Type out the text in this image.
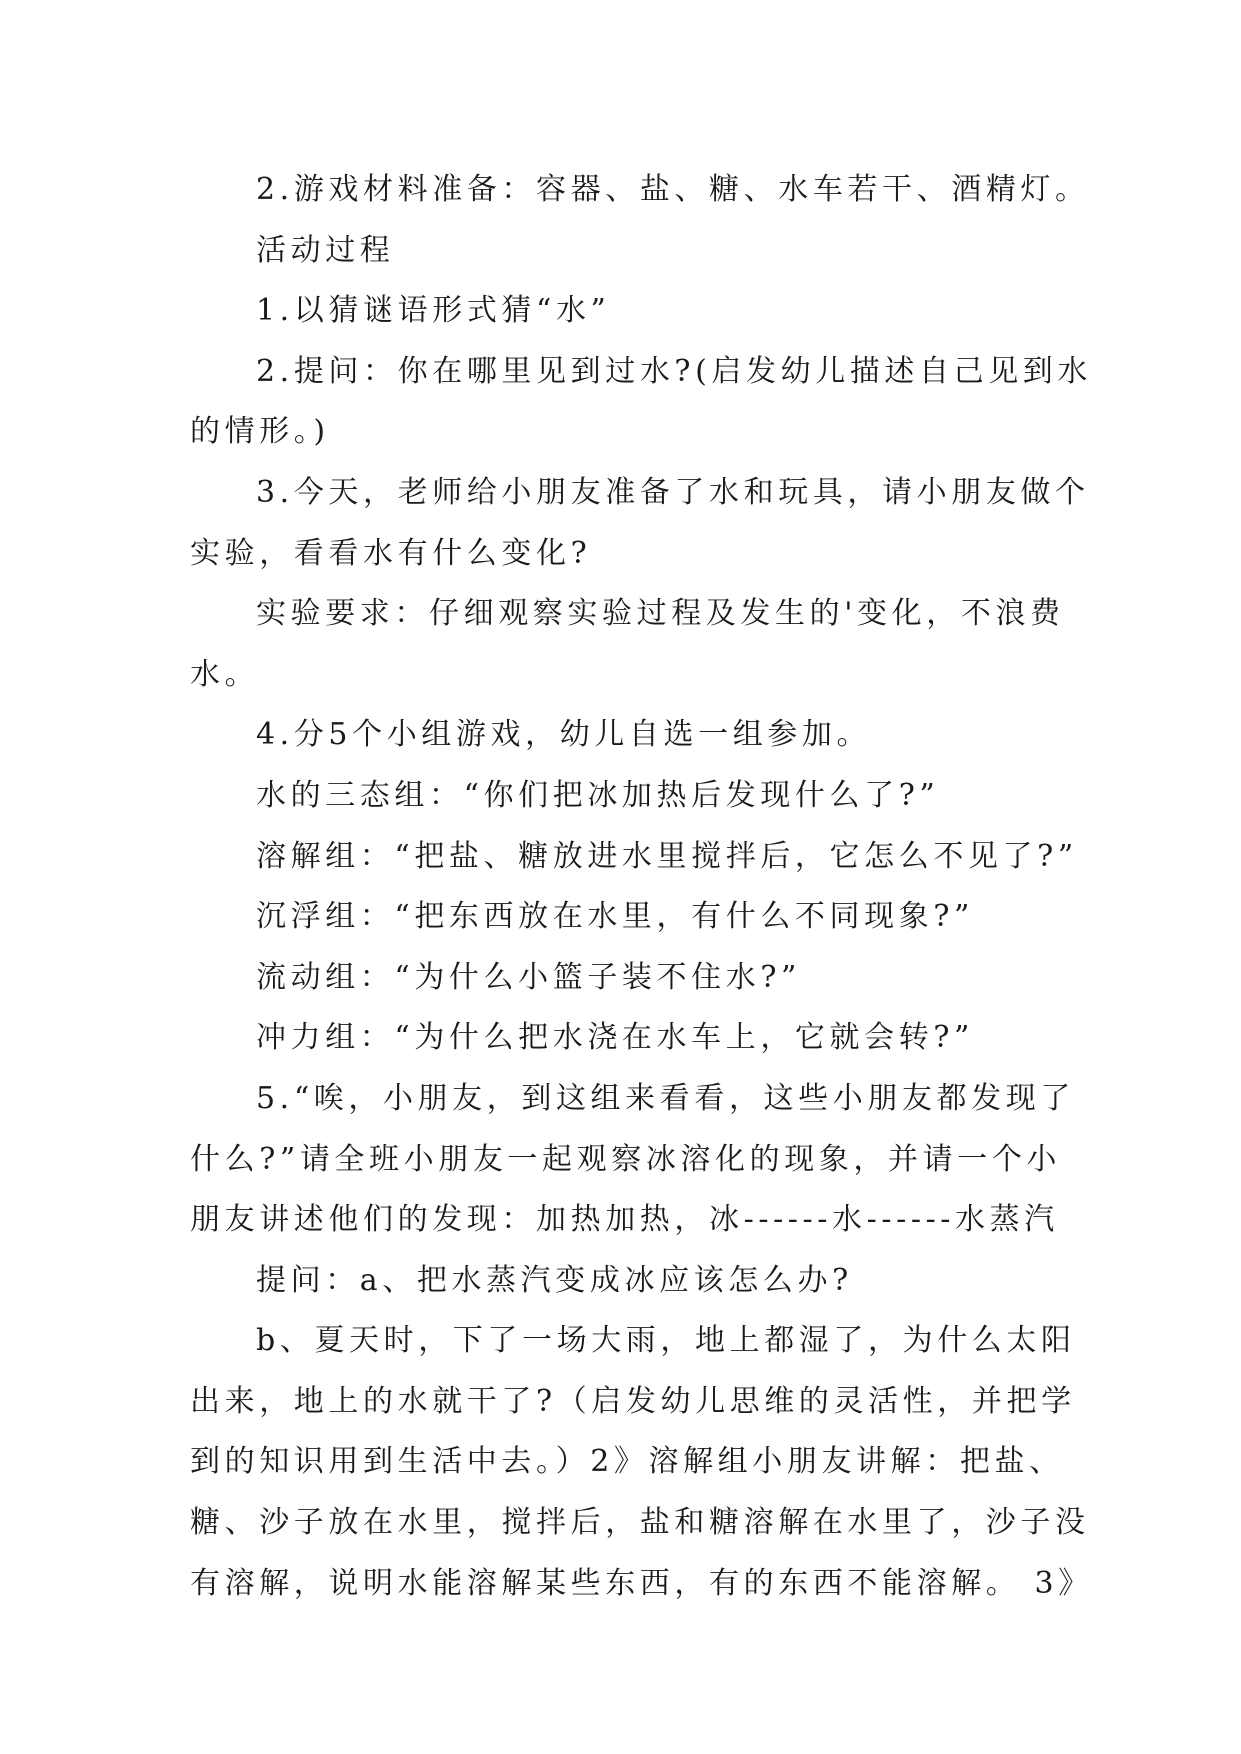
2.游戏材料准备：容器、盐、糖、水车若干、酒精灯。
活动过程
1.以猜谜语形式猜“水”
2.提问：你在哪里见到过水?(启发幼儿描述自己见到水
的情形。)
3.今天，老师给小朋友准备了水和玩具，请小朋友做个
实验，看看水有什么变化?
实验要求：仔细观察实验过程及发生的'变化，不浪费
水。
4.分5个小组游戏，幼儿自选一组参加。
水的三态组：“你们把冰加热后发现什么了?”
溶解组：“把盐、糖放进水里搅拌后，它怎么不见了?”
沉浮组：“把东西放在水里，有什么不同现象?”
流动组：“为什么小篮子装不住水?”
冲力组：“为什么把水浇在水车上，它就会转?”
5.“唉，小朋友，到这组来看看，这些小朋友都发现了
什么?”请全班小朋友一起观察冰溶化的现象，并请一个小
朋友讲述他们的发现：加热加热，冰------水------水蒸汽
提问：a、把水蒸汽变成冰应该怎么办?
b、夏天时，下了一场大雨，地上都湿了，为什么太阳
出来，地上的水就干了?（启发幼儿思维的灵活性，并把学
到的知识用到生活中去。）2》溶解组小朋友讲解：把盐、
糖、沙子放在水里，搅拌后，盐和糖溶解在水里了，沙子没
有溶解，说明水能溶解某些东西，有的东西不能溶解。 3》
